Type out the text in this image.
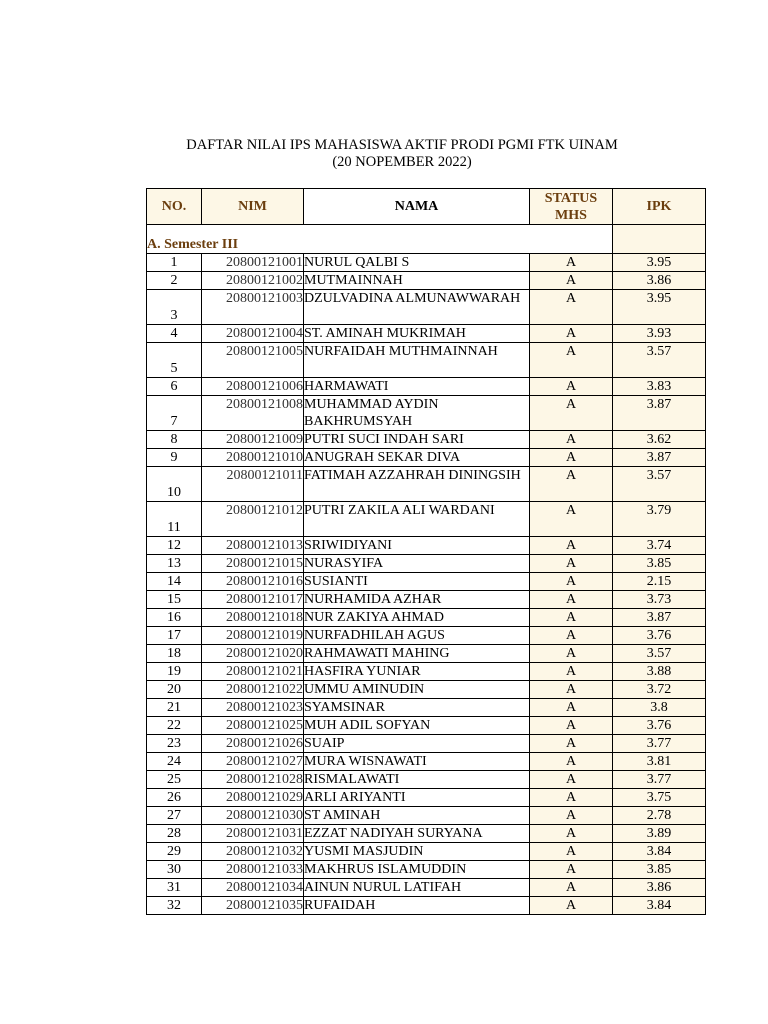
DAFTAR NILAI IPS MAHASISWA AKTIF PRODI PGMI FTK UINAM
(20 NOPEMBER 2022)
NO.	NIM	NAMA	STATUS MHS	IPK
A. Semester III				
1	20800121001	NURUL QALBI S	A	3.95
2	20800121002	MUTMAINNAH	A	3.86
3	20800121003	DZULVADINA ALMUNAWWARAH	A	3.95
4	20800121004	ST. AMINAH MUKRIMAH	A	3.93
5	20800121005	NURFAIDAH MUTHMAINNAH	A	3.57
6	20800121006	HARMAWATI	A	3.83
7	20800121008	MUHAMMAD AYDIN BAKHRUMSYAH	A	3.87
8	20800121009	PUTRI SUCI INDAH SARI	A	3.62
9	20800121010	ANUGRAH SEKAR DIVA	A	3.87
10	20800121011	FATIMAH AZZAHRAH DININGSIH	A	3.57
11	20800121012	PUTRI ZAKILA ALI WARDANI	A	3.79
12	20800121013	SRIWIDIYANI	A	3.74
13	20800121015	NURASYIFA	A	3.85
14	20800121016	SUSIANTI	A	2.15
15	20800121017	NURHAMIDA AZHAR	A	3.73
16	20800121018	NUR ZAKIYA AHMAD	A	3.87
17	20800121019	NURFADHILAH AGUS	A	3.76
18	20800121020	RAHMAWATI MAHING	A	3.57
19	20800121021	HASFIRA YUNIAR	A	3.88
20	20800121022	UMMU AMINUDIN	A	3.72
21	20800121023	SYAMSINAR	A	3.8
22	20800121025	MUH ADIL SOFYAN	A	3.76
23	20800121026	SUAIP	A	3.77
24	20800121027	MURA WISNAWATI	A	3.81
25	20800121028	RISMALAWATI	A	3.77
26	20800121029	ARLI ARIYANTI	A	3.75
27	20800121030	ST AMINAH	A	2.78
28	20800121031	EZZAT NADIYAH SURYANA	A	3.89
29	20800121032	YUSMI MASJUDIN	A	3.84
30	20800121033	MAKHRUS ISLAMUDDIN	A	3.85
31	20800121034	AINUN NURUL LATIFAH	A	3.86
32	20800121035	RUFAIDAH	A	3.84
